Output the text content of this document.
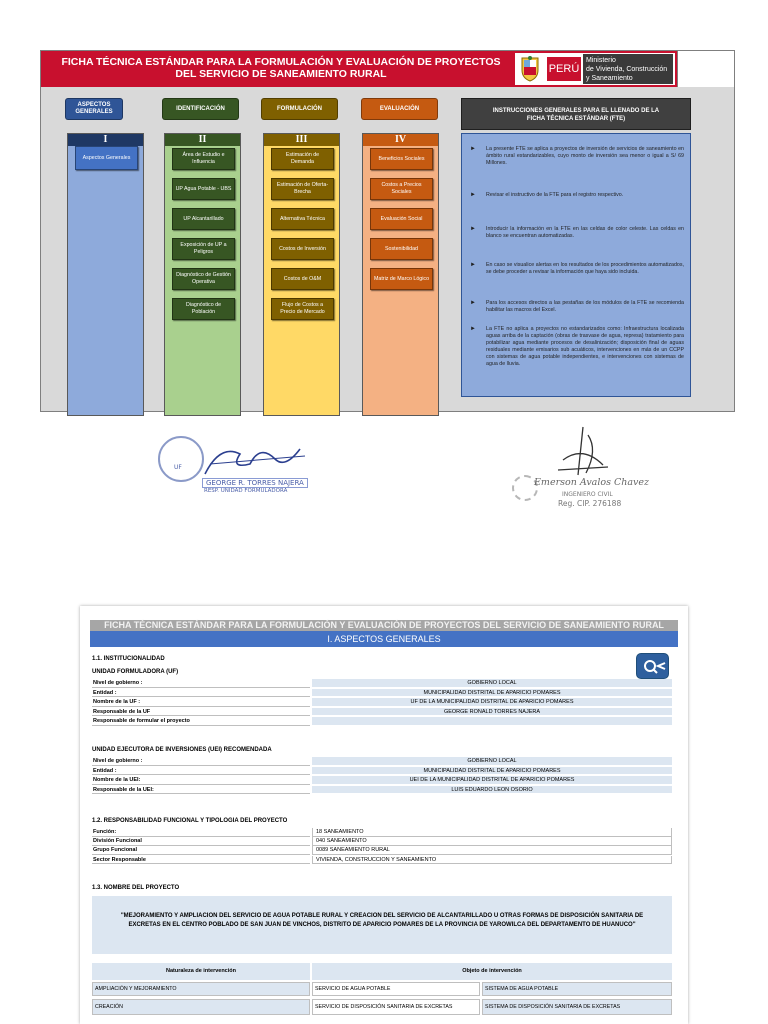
FICHA TÉCNICA ESTÁNDAR PARA LA FORMULACIÓN Y EVALUACIÓN DE PROYECTOS
DEL SERVICIO DE SANEAMIENTO RURAL	PERÚ
Ministerio
de Vivienda, Construcción
y Saneamiento
ASPECTOS GENERALES
IDENTIFICACIÓN	FORMULACIÓN	EVALUACIÓN
I
Aspectos Generales
II
Área de Estudio e Influencia
UP Agua Potable - UBS
UP Alcantarillado
Exposición de UP a Peligros
Diagnóstico de Gestión Operativa
Diagnóstico de Población
III
Estimación de Demanda
Estimación de Oferta-Brecha
Alternativa Técnica
Costos de Inversión
Costos de O&M
Flujo de Costos a Precio de Mercado
IV
Beneficios Sociales
Costos a Precios Sociales
Evaluación Social
Sostenibilidad
Matriz de Marco Lógico
INSTRUCCIONES GENERALES PARA EL LLENADO DE LA
FICHA TÉCNICA ESTÁNDAR (FTE)
►	La presente FTE se aplica a proyectos de inversión de servicios de saneamiento en ámbito rural estandarizables, cuyo monto de inversión sea menor o igual a S/ 69 Millones.
►	Revisar el instructivo de la FTE para el registro respectivo.
►	Introducir la información en la FTE en las celdas de color celeste. Las celdas en blanco se encuentran automatizadas.
►	En caso se visualice alertas en los resultados de los procedimientos automatizados, se debe proceder a revisar la información que haya sido incluida.
►	Para los accesos directos a las pestañas de los módulos de la FTE se recomienda habilitar las macros del Excel.
►	La FTE no aplica a proyectos no estandarizados como: Infraestructura localizada aguas arriba de la captación (obras de trasvase de agua, represa) tratamiento para potabilizar agua mediante procesos de desalinización; disposición final de aguas residuales mediante emisarios sub acuáticos, intervenciones en más de un CCPP con sistemas de agua potable independientes, e intervenciones con sistemas de agua de lluvia.
UF
GEORGE R. TORRES NAJERA
RESP. UNIDAD FORMULADORA
Emerson Avalos Chavez
INGENIERO CIVIL
Reg. CIP. 276188
FICHA TÉCNICA ESTÁNDAR PARA LA FORMULACIÓN Y EVALUACIÓN DE PROYECTOS DEL SERVICIO DE SANEAMIENTO RURAL
I. ASPECTOS GENERALES
1.1. INSTITUCIONALIDAD
UNIDAD FORMULADORA (UF)
Nivel de gobierno :	GOBIERNO LOCAL
Entidad :	MUNICIPALIDAD DISTRITAL DE APARICIO POMARES
Nombre de la UF :	UF DE LA MUNICIPALIDAD DISTRITAL DE APARICIO POMARES
Responsable de la UF	GEORGE RONALD TORRES NAJERA
Responsable de formular el proyecto
UNIDAD EJECUTORA DE INVERSIONES (UEI) RECOMENDADA
Nivel de gobierno :	GOBIERNO LOCAL
Entidad :	MUNICIPALIDAD DISTRITAL DE APARICIO POMARES
Nombre de la UEI:	UEI DE LA MUNICIPALIDAD DISTRITAL DE APARICIO POMARES
Responsable de la UEI:	LUIS EDUARDO LEON OSORIO
1.2. RESPONSABILIDAD FUNCIONAL Y TIPOLOGIA DEL PROYECTO
Función:	18 SANEAMIENTO
División Funcional	040 SANEAMIENTO
Grupo Funcional	0089 SANEAMIENTO RURAL
Sector Responsable	VIVIENDA, CONSTRUCCION Y SANEAMIENTO
1.3. NOMBRE DEL PROYECTO
"MEJORAMIENTO Y AMPLIACION DEL SERVICIO DE AGUA POTABLE RURAL Y CREACION DEL SERVICIO DE ALCANTARILLADO U OTRAS FORMAS DE DISPOSICIÓN SANITARIA DE EXCRETAS EN EL CENTRO POBLADO DE SAN JUAN DE VINCHOS, DISTRITO DE APARICIO POMARES DE LA PROVINCIA DE YAROWILCA DEL DEPARTAMENTO DE HUANUCO"
Naturaleza de intervención	Objeto de intervención
AMPLIACIÓN Y MEJORAMIENTO	SERVICIO DE AGUA POTABLE	SISTEMA DE AGUA POTABLE
CREACIÓN	SERVICIO DE DISPOSICIÓN SANITARIA DE EXCRETAS	SISTEMA DE DISPOSICIÓN SANITARIA DE EXCRETAS
